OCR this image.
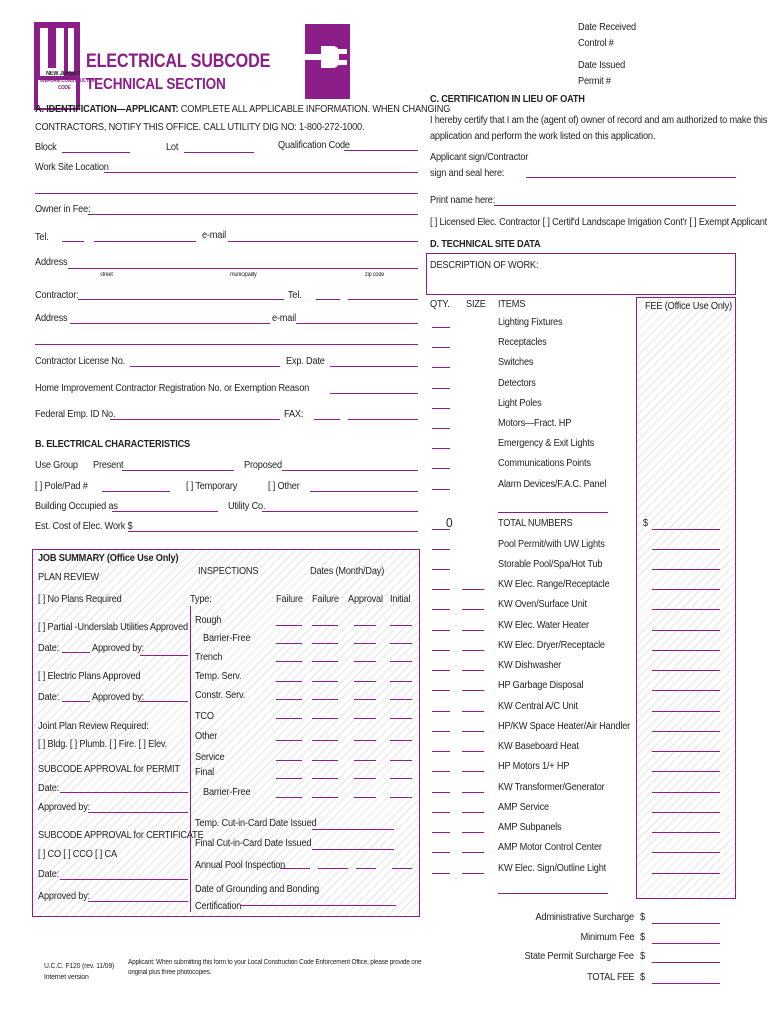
NEW JERSEY
UNIFORM CONSTRUCTION
CODE
ELECTRICAL SUBCODE
TECHNICAL SECTION
Date Received
Control #
Date Issued
Permit #
A. IDENTIFICATION—APPLICANT: COMPLETE ALL APPLICABLE INFORMATION. WHEN CHANGING
CONTRACTORS, NOTIFY THIS OFFICE. CALL UTILITY DIG NO: 1-800-272-1000.
Block	Lot	Qualification Code
Work Site Location
Owner in Fee:
Tel.	e-mail
Address
street	municipality	zip code
Contractor:	Tel.
Address	e-mail
Contractor License No.	Exp. Date
Home Improvement Contractor Registration No. or Exemption Reason
Federal Emp. ID No.	FAX:
B. ELECTRICAL CHARACTERISTICS
Use Group Present	Proposed
[ ] Pole/Pad #	[ ] Temporary	[ ] Other
Building Occupied as	Utility Co.
Est. Cost of Elec. Work $
JOB SUMMARY (Office Use Only)
PLAN REVIEW
INSPECTIONS	Dates (Month/Day)
[ ] No Plans Required	Type:	Failure Failure Approval Initial
[ ] Partial -Underslab Utilities Approved
Date:	Approved by:
[ ] Electric Plans Approved
Date:	Approved by:
Joint Plan Review Required:
[ ] Bldg. [ ] Plumb. [ ] Fire. [ ] Elev.
SUBCODE APPROVAL for PERMIT
Date:
Approved by:
SUBCODE APPROVAL for CERTIFICATE
[ ] CO [ ] CCO [ ] CA
Date:
Approved by:
Rough
Barrier-Free
Trench
Temp. Serv.
Constr. Serv.
TCO
Other
Service
Final
Barrier-Free
Temp. Cut-in-Card Date Issued
Final Cut-in-Card Date Issued
Annual Pool Inspection
Date of Grounding and Bonding
Certification
C. CERTIFICATION IN LIEU OF OATH
I hereby certify that I am the (agent of) owner of record and am authorized to make this
application and perform the work listed on this application.
Applicant sign/Contractor
sign and seal here:
Print name here:
[ ] Licensed Elec. Contractor [ ] Certif'd Landscape Irrigation Cont'r [ ] Exempt Applicant
D. TECHNICAL SITE DATA
DESCRIPTION OF WORK:
QTY. SIZE ITEMS	FEE (Office Use Only)
U.C.C. F120 (rev. 11/09)
Internet version
Applicant: When submitting this form to your Local Construction Code Enforcement Office, please provide one
original plus three photocopies.
Lighting Fixtures
Receptacles
Switches
Detectors
Light Poles
Motors—Fract. HP
Emergency & Exit Lights
Communications Points
Alarm Devices/F.A.C. Panel
0	TOTAL NUMBERS	$
Pool Permit/with UW Lights
Storable Pool/Spa/Hot Tub
KW Elec. Range/Receptacle
KW Oven/Surface Unit
KW Elec. Water Heater
KW Elec. Dryer/Receptacle
KW Dishwasher
HP Garbage Disposal
KW Central A/C Unit
HP/KW Space Heater/Air Handler
KW Baseboard Heat
HP Motors 1/+ HP
KW Transformer/Generator
AMP Service
AMP Subpanels
AMP Motor Control Center
KW Elec. Sign/Outline Light
Administrative Surcharge $
Minimum Fee $
State Permit Surcharge Fee $
TOTAL FEE $
